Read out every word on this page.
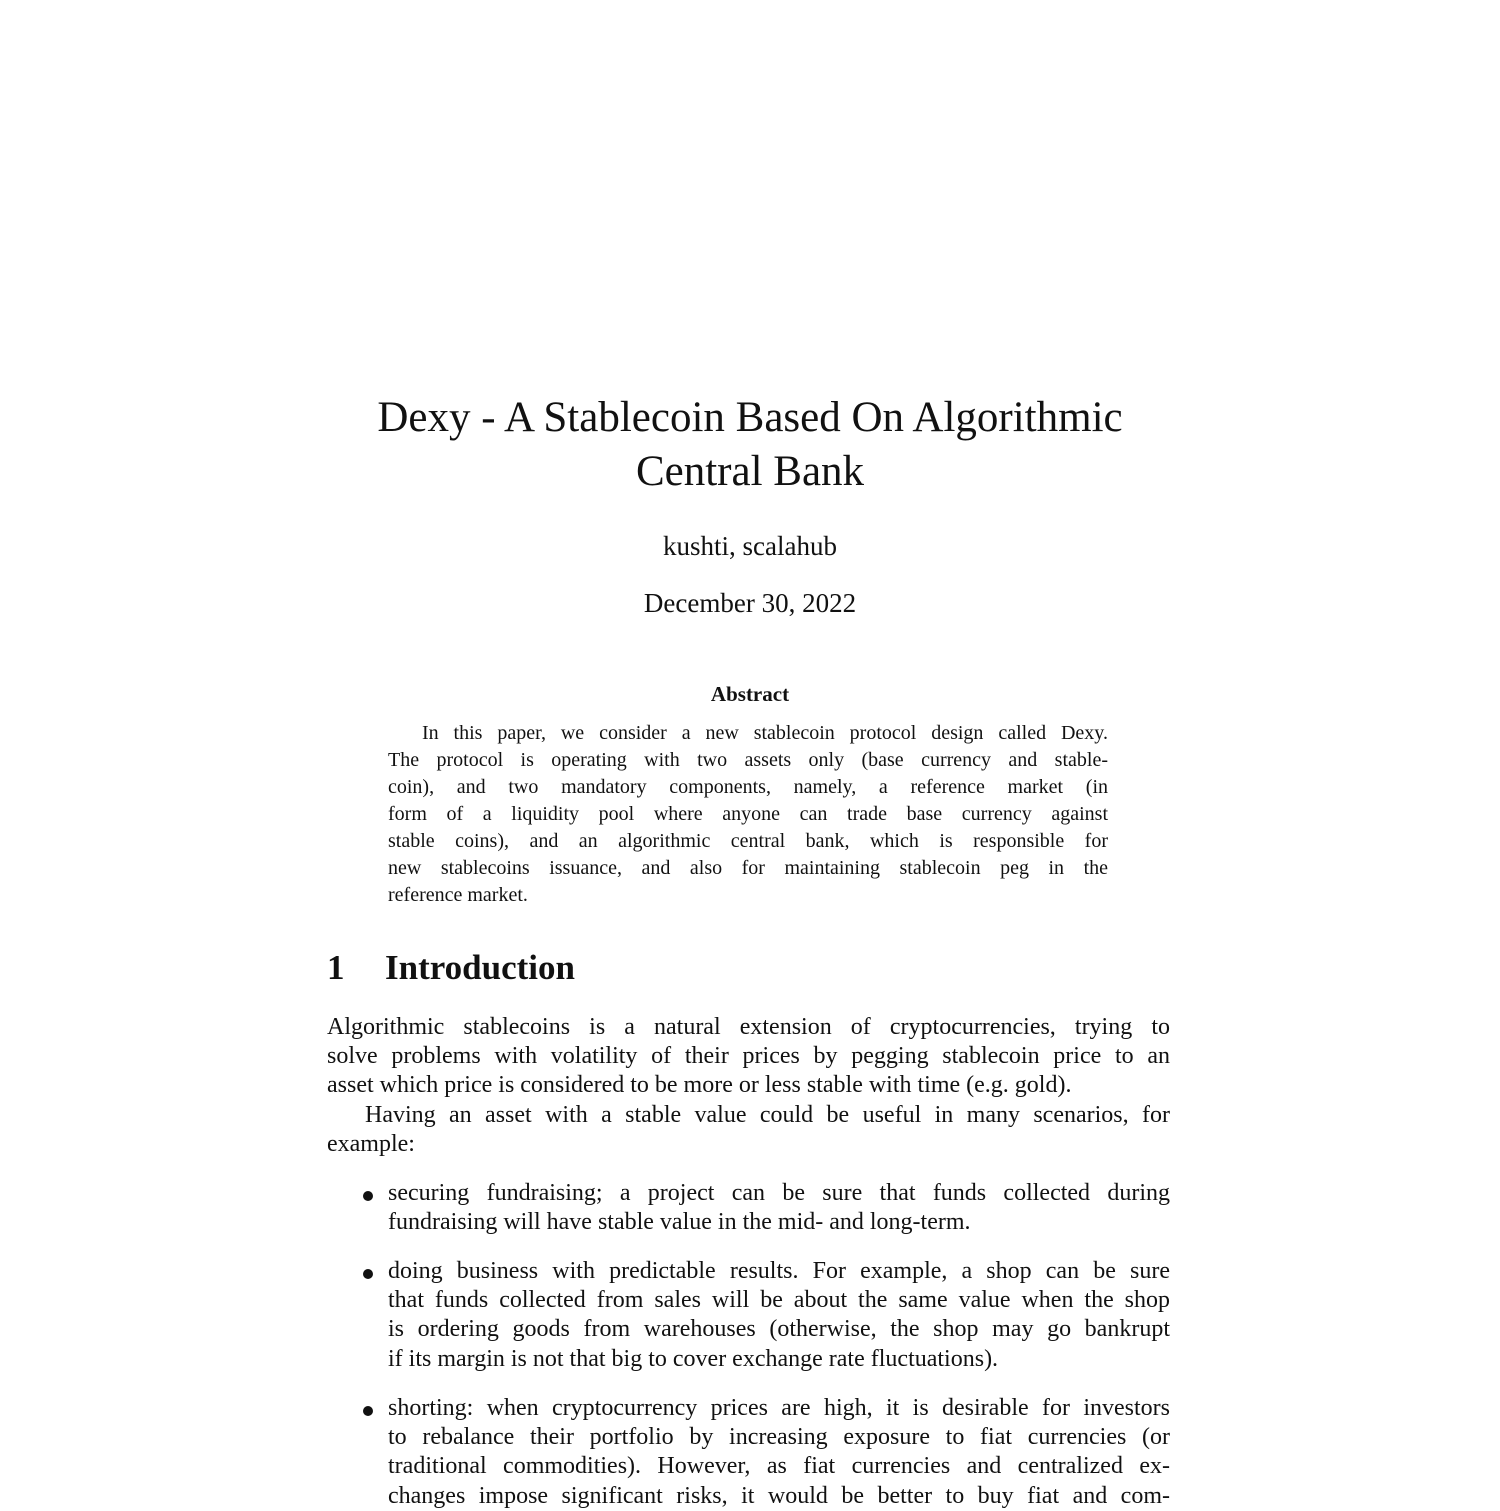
Dexy - A Stablecoin Based On Algorithmic
Central Bank
kushti, scalahub
December 30, 2022
Abstract
In this paper, we consider a new stablecoin protocol design called Dexy.
The protocol is operating with two assets only (base currency and stable-
coin), and two mandatory components, namely, a reference market (in
form of a liquidity pool where anyone can trade base currency against
stable coins), and an algorithmic central bank, which is responsible for
new stablecoins issuance, and also for maintaining stablecoin peg in the
reference market.
1 Introduction
Algorithmic stablecoins is a natural extension of cryptocurrencies, trying to
solve problems with volatility of their prices by pegging stablecoin price to an
asset which price is considered to be more or less stable with time (e.g. gold).
Having an asset with a stable value could be useful in many scenarios, for
example:
securing fundraising; a project can be sure that funds collected during
fundraising will have stable value in the mid- and long-term.
doing business with predictable results. For example, a shop can be sure
that funds collected from sales will be about the same value when the shop
is ordering goods from warehouses (otherwise, the shop may go bankrupt
if its margin is not that big to cover exchange rate fluctuations).
shorting: when cryptocurrency prices are high, it is desirable for investors
to rebalance their portfolio by increasing exposure to fiat currencies (or
traditional commodities). However, as fiat currencies and centralized ex-
changes impose significant risks, it would be better to buy fiat and com-
